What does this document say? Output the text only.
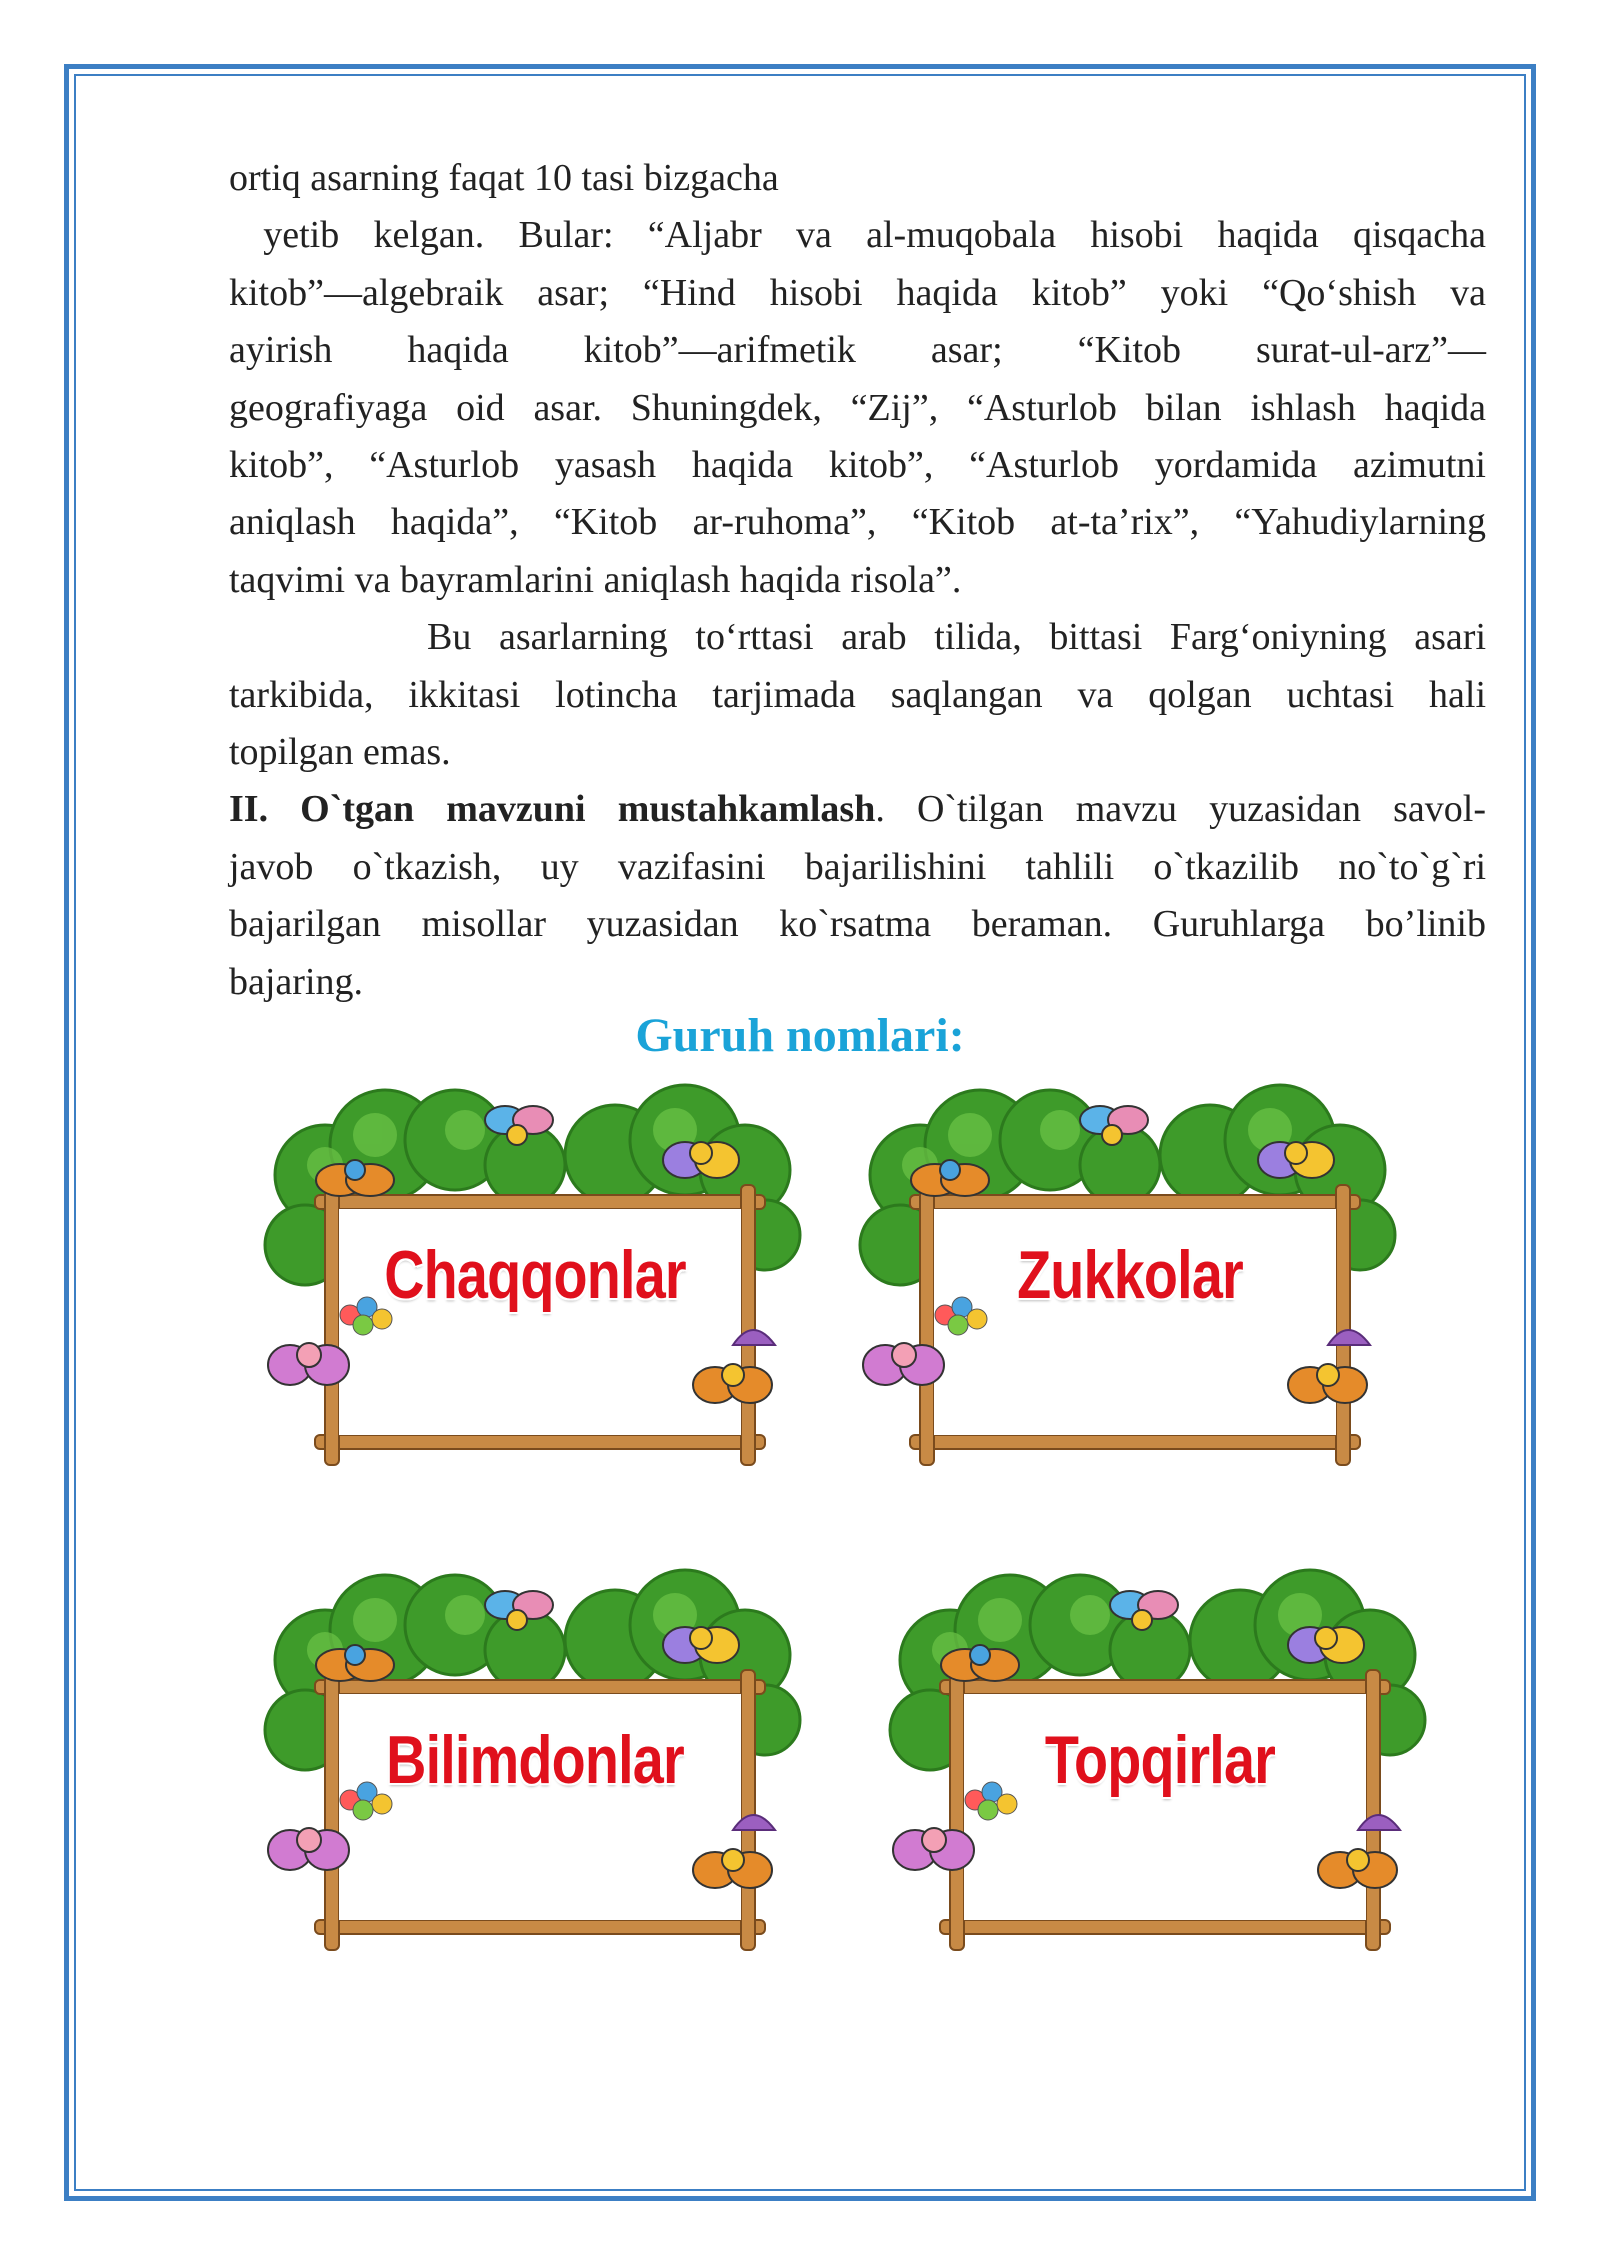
ortiq asarning faqat 10 tasi bizgacha

yetib kelgan. Bular: “Aljabr va al-muqobala hisobi haqida qisqacha

kitob”—algebraik asar; “Hind hisobi haqida kitob” yoki “Qo‘shish va

ayirish haqida kitob”—arifmetik asar; “Kitob surat-ul-arz”—

geografiyaga oid asar. Shuningdek, “Zij”, “Asturlob bilan ishlash haqida

kitob”, “Asturlob yasash haqida kitob”, “Asturlob yordamida azimutni

aniqlash haqida”, “Kitob ar-ruhoma”, “Kitob at-ta’rix”, “Yahudiylarning

taqvimi va bayramlarini aniqlash haqida risola”.

Bu asarlarning to‘rttasi arab tilida, bittasi Farg‘oniyning asari

tarkibida, ikkitasi lotincha tarjimada saqlangan va qolgan uchtasi hali

topilgan emas.

II. O`tgan mavzuni mustahkamlash. O`tilgan mavzu yuzasidan savol-

javob o`tkazish, uy vazifasini bajarilishini tahlili o`tkazilib no`to`g`ri

bajarilgan misollar yuzasidan ko`rsatma beraman. Guruhlarga bo’linib

bajaring.

Guruh nomlari:
Chaqqonlar	Zukkolar
Bilimdonlar	Topqirlar
